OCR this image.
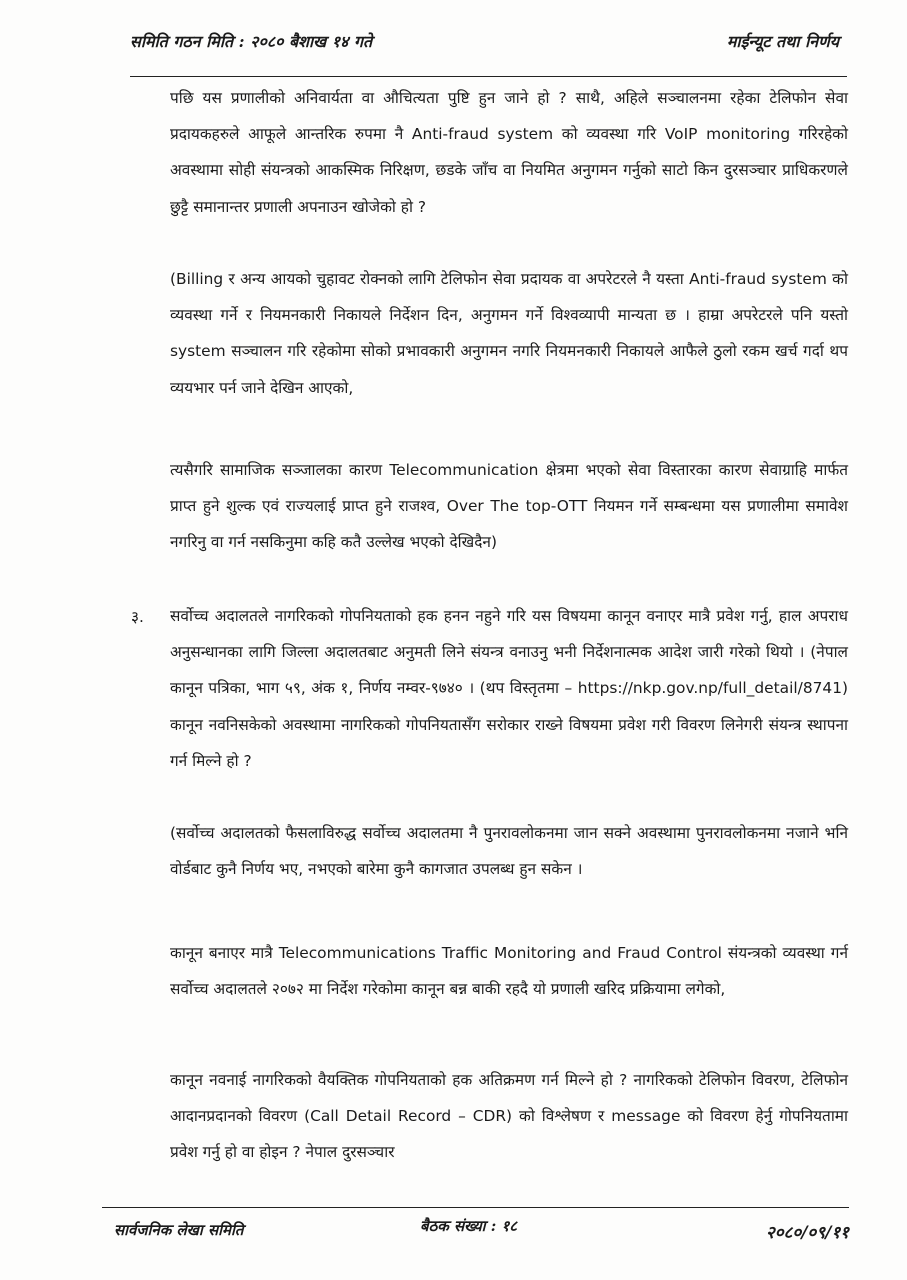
समिति गठन मिति : २०८० बैशाख १४ गते	माईन्यूट तथा निर्णय

पछि यस प्रणालीको अनिवार्यता वा औचित्यता पुष्टि हुन जाने हो ? साथै, अहिले सञ्चालनमा रहेका टेलिफोन सेवा प्रदायकहरुले आफूले आन्तरिक रुपमा नै Anti-fraud system को व्यवस्था गरि VoIP monitoring गरिरहेको अवस्थामा सोही संयन्त्रको आकस्मिक निरिक्षण, छडके जाँच वा नियमित अनुगमन गर्नुको साटो किन दुरसञ्चार प्राधिकरणले छुट्टै समानान्तर प्रणाली अपनाउन खोजेको हो ?

(Billing र अन्य आयको चुहावट रोक्नको लागि टेलिफोन सेवा प्रदायक वा अपरेटरले नै यस्ता Anti-fraud system को व्यवस्था गर्ने र नियमनकारी निकायले निर्देशन दिन, अनुगमन गर्ने विश्वव्यापी मान्यता छ । हाम्रा अपरेटरले पनि यस्तो system सञ्चालन गरि रहेकोमा सोको प्रभावकारी अनुगमन नगरि नियमनकारी निकायले आफैले ठुलो रकम खर्च गर्दा थप व्ययभार पर्न जाने देखिन आएको,

त्यसैगरि सामाजिक सञ्जालका कारण Telecommunication क्षेत्रमा भएको सेवा विस्तारका कारण सेवाग्राहि मार्फत प्राप्त हुने शुल्क एवं राज्यलाई प्राप्त हुने राजश्व, Over The top-OTT नियमन गर्ने सम्बन्धमा यस प्रणालीमा समावेश नगरिनु वा गर्न नसकिनुमा कहि कतै उल्लेख भएको देखिदैन)

३. सर्वोच्च अदालतले नागरिकको गोपनियताको हक हनन नहुने गरि यस विषयमा कानून वनाएर मात्रै प्रवेश गर्नु, हाल अपराध अनुसन्धानका लागि जिल्ला अदालतबाट अनुमती लिने संयन्त्र वनाउनु भनी निर्देशनात्मक आदेश जारी गरेको थियो । (नेपाल कानून पत्रिका, भाग ५९, अंक १, निर्णय नम्वर-९७४० । (थप विस्तृतमा – https://nkp.gov.np/full_detail/8741) कानून नवनिसकेको अवस्थामा नागरिकको गोपनियतासँग सरोकार राख्ने विषयमा प्रवेश गरी विवरण लिनेगरी संयन्त्र स्थापना गर्न मिल्ने हो ?

(सर्वोच्च अदालतको फैसलाविरुद्ध सर्वोच्च अदालतमा नै पुनरावलोकनमा जान सक्ने अवस्थामा पुनरावलोकनमा नजाने भनि वोर्डबाट कुनै निर्णय भए, नभएको बारेमा कुनै कागजात उपलब्ध हुन सकेन ।

कानून बनाएर मात्रै Telecommunications Traffic Monitoring and Fraud Control संयन्त्रको व्यवस्था गर्न सर्वोच्च अदालतले २०७२ मा निर्देश गरेकोमा कानून बन्न बाकी रहदै यो प्रणाली खरिद प्रक्रियामा लगेको,

कानून नवनाई नागरिकको वैयक्तिक गोपनियताको हक अतिक्रमण गर्न मिल्ने हो ? नागरिकको टेलिफोन विवरण, टेलिफोन आदानप्रदानको विवरण (Call Detail Record – CDR) को विश्लेषण र message को विवरण हेर्नु गोपनियतामा प्रवेश गर्नु हो वा होइन ? नेपाल दुरसञ्चार

सार्वजनिक लेखा समिति	बैठक संख्या : १८	२०८०/०९/११
